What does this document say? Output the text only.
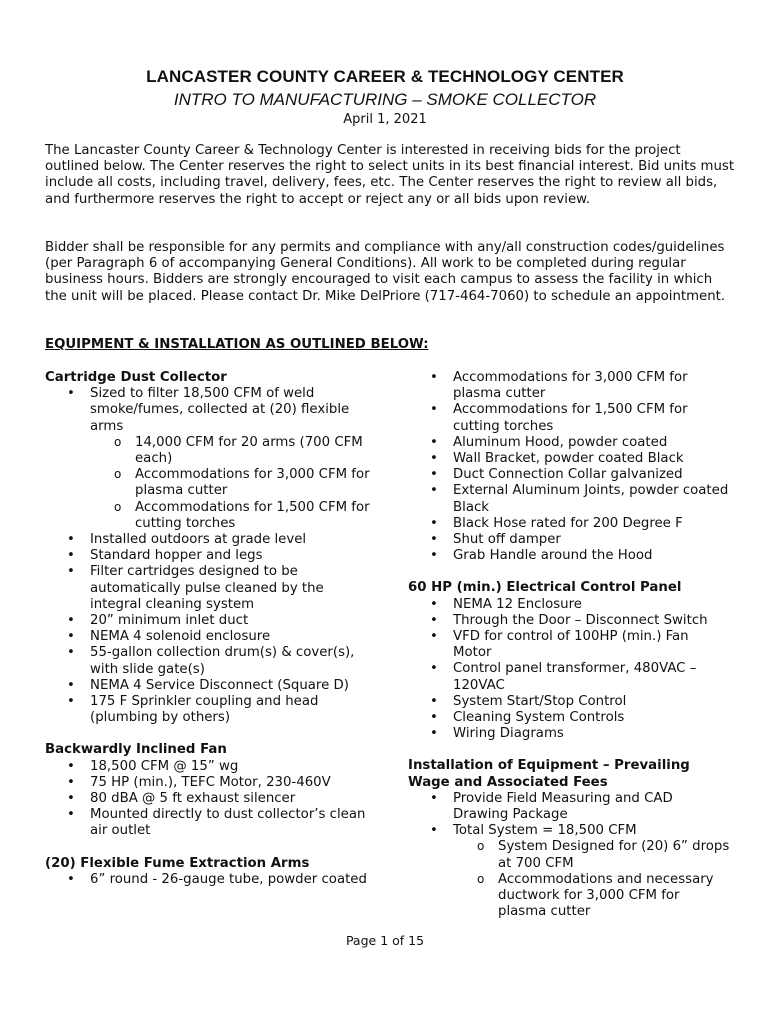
LANCASTER COUNTY CAREER & TECHNOLOGY CENTER
INTRO TO MANUFACTURING – SMOKE COLLECTOR
April 1, 2021

The Lancaster County Career & Technology Center is interested in receiving bids for the project outlined below. The Center reserves the right to select units in its best financial interest. Bid units must include all costs, including travel, delivery, fees, etc. The Center reserves the right to review all bids, and furthermore reserves the right to accept or reject any or all bids upon review.

Bidder shall be responsible for any permits and compliance with any/all construction codes/guidelines (per Paragraph 6 of accompanying General Conditions). All work to be completed during regular business hours. Bidders are strongly encouraged to visit each campus to assess the facility in which the unit will be placed. Please contact Dr. Mike DelPriore (717-464-7060) to schedule an appointment.

EQUIPMENT & INSTALLATION AS OUTLINED BELOW:

Cartridge Dust Collector

• Sized to filter 18,500 CFM of weld smoke/fumes, collected at (20) flexible arms
o 14,000 CFM for 20 arms (700 CFM each)
o Accommodations for 3,000 CFM for plasma cutter
o Accommodations for 1,500 CFM for cutting torches
• Installed outdoors at grade level
• Standard hopper and legs
• Filter cartridges designed to be automatically pulse cleaned by the integral cleaning system
• 20” minimum inlet duct
• NEMA 4 solenoid enclosure
• 55-gallon collection drum(s) & cover(s), with slide gate(s)
• NEMA 4 Service Disconnect (Square D)
• 175 F Sprinkler coupling and head (plumbing by others)

Backwardly Inclined Fan

• 18,500 CFM @ 15” wg
• 75 HP (min.), TEFC Motor, 230-460V
• 80 dBA @ 5 ft exhaust silencer
• Mounted directly to dust collector’s clean air outlet

(20) Flexible Fume Extraction Arms

• 6” round - 26-gauge tube, powder coated
• Accommodations for 3,000 CFM for plasma cutter
• Accommodations for 1,500 CFM for cutting torches
• Aluminum Hood, powder coated
• Wall Bracket, powder coated Black
• Duct Connection Collar galvanized
• External Aluminum Joints, powder coated Black
• Black Hose rated for 200 Degree F
• Shut off damper
• Grab Handle around the Hood

60 HP (min.) Electrical Control Panel

• NEMA 12 Enclosure
• Through the Door – Disconnect Switch
• VFD for control of 100HP (min.) Fan Motor
• Control panel transformer, 480VAC – 120VAC
• System Start/Stop Control
• Cleaning System Controls
• Wiring Diagrams

Installation of Equipment – Prevailing Wage and Associated Fees

• Provide Field Measuring and CAD Drawing Package
• Total System = 18,500 CFM
o System Designed for (20) 6” drops at 700 CFM
o Accommodations and necessary ductwork for 3,000 CFM for plasma cutter
Page 1 of 15
